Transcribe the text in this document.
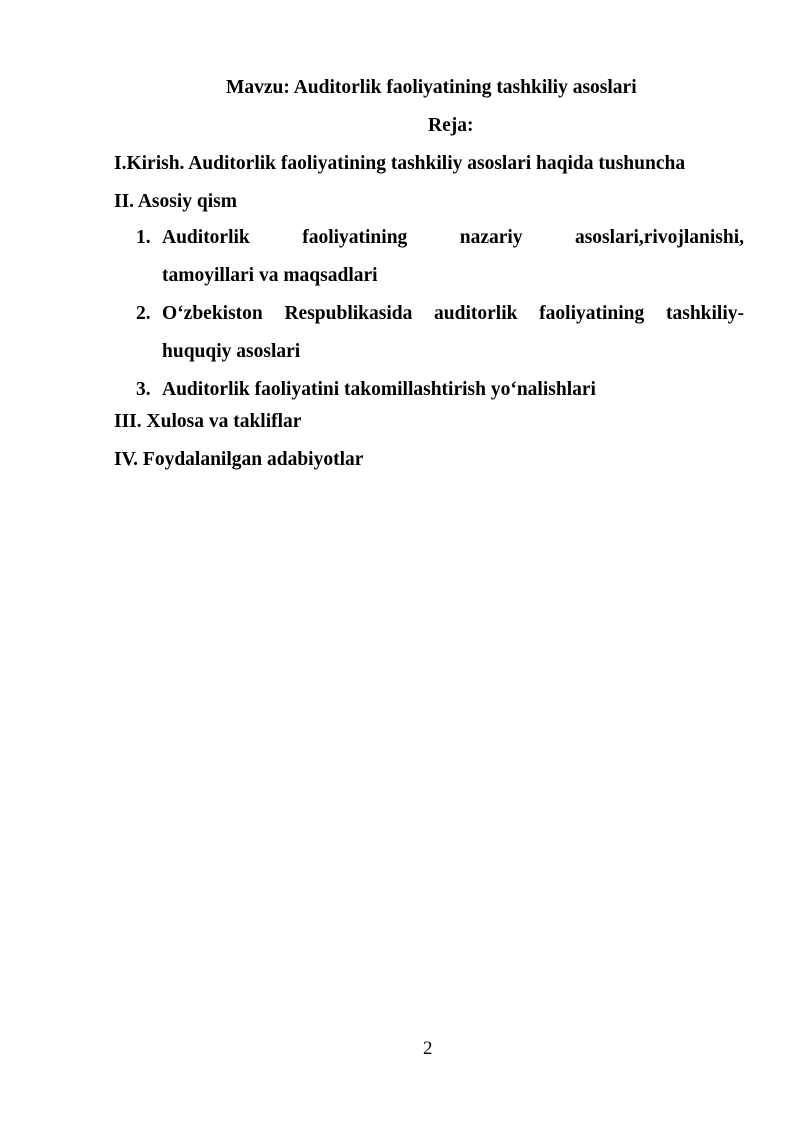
Mavzu: Auditorlik faoliyatining tashkiliy asoslari
Reja:
I.Kirish. Auditorlik faoliyatining tashkiliy asoslari haqida tushuncha
II. Asosiy qism
1. Auditorlik faoliyatining nazariy asoslari,rivojlanishi,
tamoyillari va maqsadlari
2. O‘zbekiston Respublikasida auditorlik faoliyatining tashkiliy-
huquqiy asoslari
3. Auditorlik faoliyatini takomillashtirish yo‘nalishlari
III. Xulosa va takliflar
IV. Foydalanilgan adabiyotlar
2
